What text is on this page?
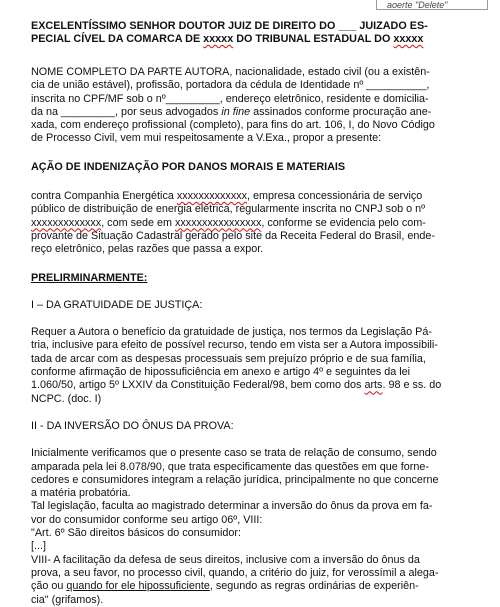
aoerte "Delete"
EXCELENTÍSSIMO SENHOR DOUTOR JUIZ DE DIREITO DO ___ JUIZADO ES-
PECIAL CÍVEL DA COMARCA DE xxxxx DO TRIBUNAL ESTADUAL DO xxxxx
NOME COMPLETO DA PARTE AUTORA, nacionalidade, estado civil (ou a existên-
cia de união estável), profissão, portadora da cédula de Identidade nº __________,
inscrita no CPF/MF sob o nº_________, endereço eletrônico, residente e domicilia-
da na _________, por seus advogados in fine assinados conforme procuração ane-
xada, com endereço profissional (completo), para fins do art. 106, I, do Novo Código
de Processo Civil, vem mui respeitosamente a V.Exa., propor a presente:
AÇÃO DE INDENIZAÇÃO POR DANOS MORAIS E MATERIAIS
contra Companhia Energética xxxxxxxxxxxxx, empresa concessionária de serviço
público de distribuição de energia elétrica, regularmente inscrita no CNPJ sob o nº
xxxxxxxxxxxxx, com sede em xxxxxxxxxxxxxxxx, conforme se evidencia pelo com-
provante de Situação Cadastral gerado pelo site da Receita Federal do Brasil, ende-
reço eletrônico, pelas razões que passa a expor.
PRELIRMINARMENTE:
I – DA GRATUIDADE DE JUSTIÇA:
Requer a Autora o benefício da gratuidade de justiça, nos termos da Legislação Pá-
tria, inclusive para efeito de possível recurso, tendo em vista ser a Autora impossibili-
tada de arcar com as despesas processuais sem prejuízo próprio e de sua família,
conforme afirmação de hipossuficiência em anexo e artigo 4º e seguintes da lei
1.060/50, artigo 5º LXXIV da Constituição Federal/98, bem como dos arts. 98 e ss. do
NCPC. (doc. I)
II - DA INVERSÃO DO ÔNUS DA PROVA:
Inicialmente verificamos que o presente caso se trata de relação de consumo, sendo
amparada pela lei 8.078/90, que trata especificamente das questões em que forne-
cedores e consumidores integram a relação jurídica, principalmente no que concerne
a matéria probatória.
Tal legislação, faculta ao magistrado determinar a inversão do ônus da prova em fa-
vor do consumidor conforme seu artigo 06º, VIII:
"Art. 6º São direitos básicos do consumidor:
[...]
VIII- A facilitação da defesa de seus direitos, inclusive com a inversão do ônus da
prova, a seu favor, no processo civil, quando, a critério do juiz, for verossímil a alega-
ção ou quando for ele hipossuficiente, segundo as regras ordinárias de experiên-
cia" (grifamos).
